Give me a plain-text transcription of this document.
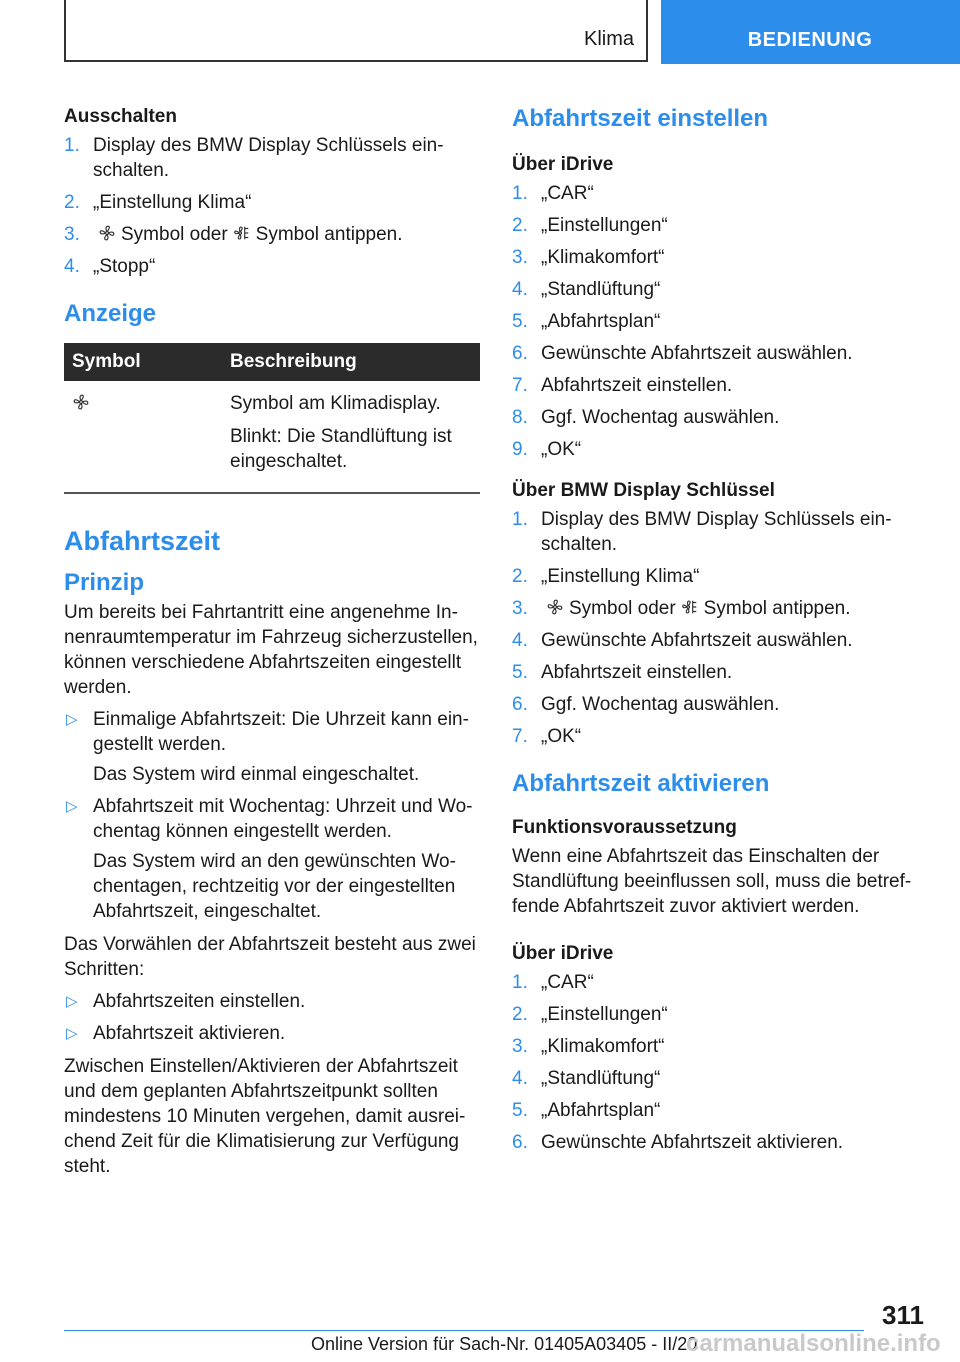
Klima	BEDIENUNG
Ausschalten
1. Display des BMW Display Schlüssels einschalten.
2. „Einstellung Klima“
3. Symbol oder Symbol antippen.
4. „Stopp“
Anzeige
Symbol	Beschreibung

Symbol am Klimadisplay.

Blinkt: Die Standlüftung ist eingeschaltet.

Abfahrtszeit
Prinzip

Um bereits bei Fahrtantritt eine angenehme Innenraumtemperatur im Fahrzeug sicherzustellen, können verschiedene Abfahrtszeiten eingestellt werden.

▷ Einmalige Abfahrtszeit: Die Uhrzeit kann eingestellt werden.
Das System wird einmal eingeschaltet.
▷ Abfahrtszeit mit Wochentag: Uhrzeit und Wochentag können eingestellt werden.
Das System wird an den gewünschten Wochentagen, rechtzeitig vor der eingestellten Abfahrtszeit, eingeschaltet.

Das Vorwählen der Abfahrtszeit besteht aus zwei Schritten:

▷ Abfahrtszeiten einstellen.
▷ Abfahrtszeit aktivieren.

Zwischen Einstellen/Aktivieren der Abfahrtszeit und dem geplanten Abfahrtszeitpunkt sollten mindestens 10 Minuten vergehen, damit ausreichend Zeit für die Klimatisierung zur Verfügung steht.

Abfahrtszeit einstellen
Über iDrive
1. „CAR“
2. „Einstellungen“
3. „Klimakomfort“
4. „Standlüftung“
5. „Abfahrtsplan“
6. Gewünschte Abfahrtszeit auswählen.
7. Abfahrtszeit einstellen.
8. Ggf. Wochentag auswählen.
9. „OK“
Über BMW Display Schlüssel
1. Display des BMW Display Schlüssels einschalten.
2. „Einstellung Klima“
3. Symbol oder Symbol antippen.
4. Gewünschte Abfahrtszeit auswählen.
5. Abfahrtszeit einstellen.
6. Ggf. Wochentag auswählen.
7. „OK“
Abfahrtszeit aktivieren
Funktionsvoraussetzung

Wenn eine Abfahrtszeit das Einschalten der Standlüftung beeinflussen soll, muss die betreffende Abfahrtszeit zuvor aktiviert werden.

Über iDrive
1. „CAR“
2. „Einstellungen“
3. „Klimakomfort“
4. „Standlüftung“
5. „Abfahrtsplan“
6. Gewünschte Abfahrtszeit aktivieren.
311
Online Version für Sach-Nr. 01405A03405 - II/20
carmanualsonline.info
